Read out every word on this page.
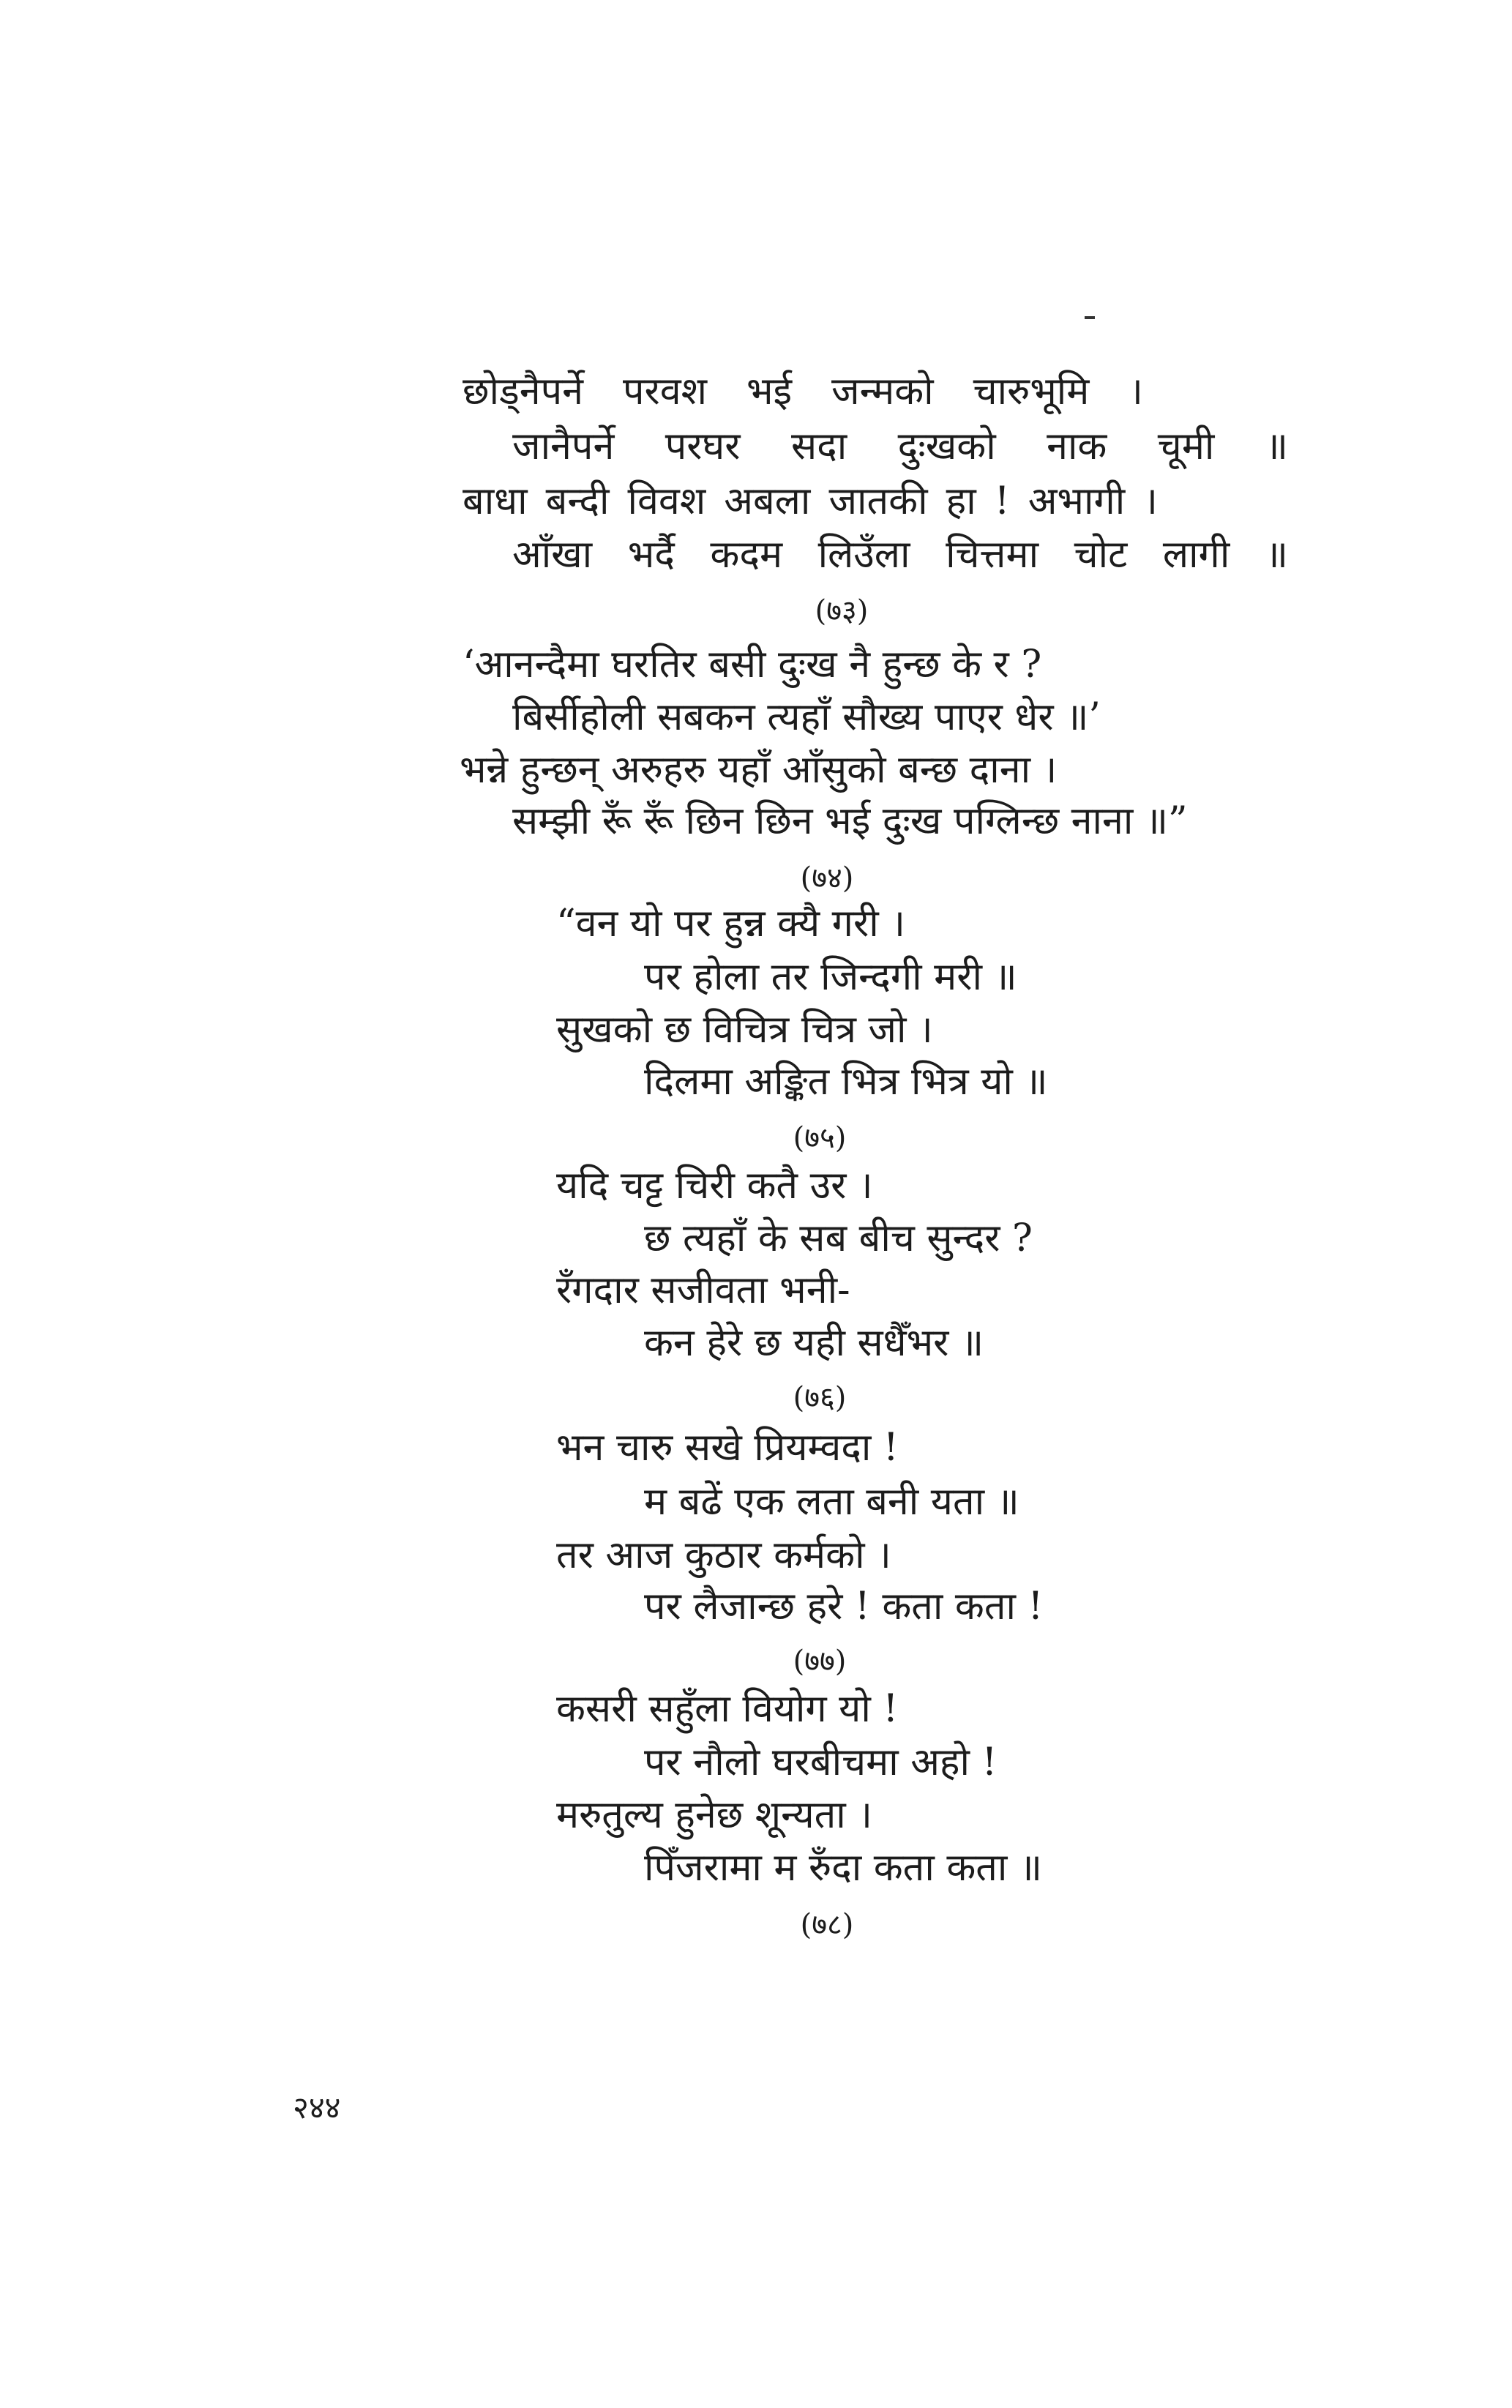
छोड्नैपर्ने परवश भई जन्मको चारुभूमि ।
जानैपर्ने परघर सदा दुःखको नाक चूमी ॥
बाधा बन्दी विवश अबला जातकी हा ! अभागी ।
आँखा भर्दै कदम लिउँला चित्तमा चोट लागी ॥
(७३)
‘आनन्दैमा घरतिर बसी दुःख नै हुन्छ के र ?
बिर्सीहोली सबकन त्यहाँ सौख्य पाएर धेर ॥’
भन्ने हुन्छन् अरुहरु यहाँ आँसुको बन्छ दाना ।
सम्झी रूँ रूँ छिन छिन भई दुःख पग्लिन्छ नाना ॥”
(७४)
“वन यो पर हुन्न क्यै गरी ।
पर होला तर जिन्दगी मरी ॥
सुखको छ विचित्र चित्र जो ।
दिलमा अङ्कित भित्र भित्र यो ॥
(७५)
यदि चट्ट चिरी कतै उर ।
छ त्यहाँ के सब बीच सुन्दर ?
रँगदार सजीवता भनी-
कन हेरे छ यही सधैँभर ॥
(७६)
भन चारु सखे प्रियम्वदा !
म बढें एक लता बनी यता ॥
तर आज कुठार कर्मको ।
पर लैजान्छ हरे ! कता कता !
(७७)
कसरी सहुँला वियोग यो !
पर नौलो घरबीचमा अहो !
मरुतुल्य हुनेछ शून्यता ।
पिँजरामा म रुँदा कता कता ॥
(७८)
२४४
